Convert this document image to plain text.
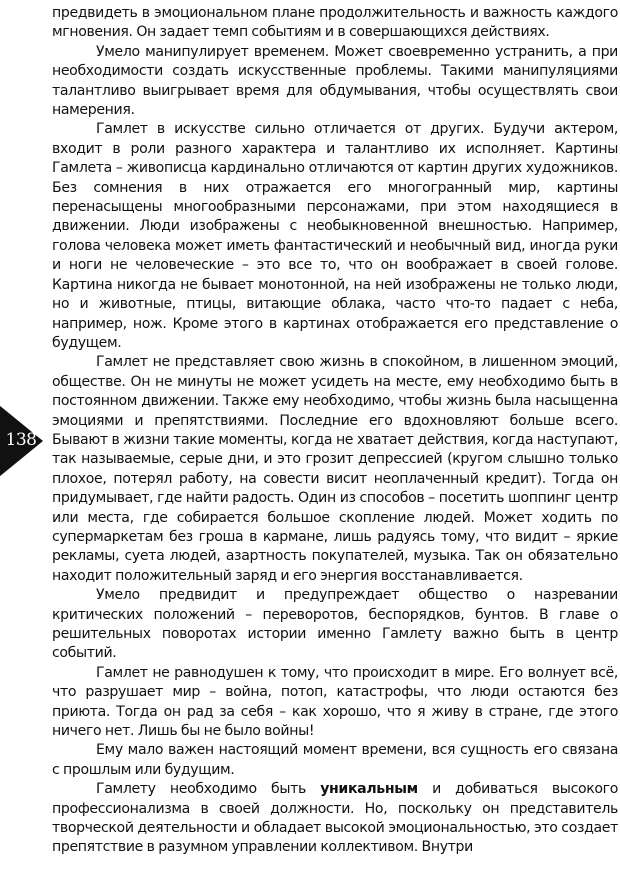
138

предвидеть в эмоциональном плане продолжительность и важность каждого мгновения. Он задает темп событиям и в совершающихся действиях.

Умело манипулирует временем. Может своевременно устранить, а при необходимости создать искусственные проблемы. Такими манипуляциями талантливо выигрывает время для обдумывания, чтобы осуществлять свои намерения.

Гамлет в искусстве сильно отличается от других. Будучи актером, входит в роли разного характера и талантливо их исполняет. Картины Гамлета – живописца кардинально отличаются от картин других художников. Без сомнения в них отражается его многогранный мир, картины перенасыщены многообразными персонажами, при этом находящиеся в движении. Люди изображены с необыкновенной внешностью. Например, голова человека может иметь фантастический и необычный вид, иногда руки и ноги не человеческие – это все то, что он воображает в своей голове. Картина никогда не бывает монотонной, на ней изображены не только люди, но и животные, птицы, витающие облака, часто что-то падает с неба, например, нож. Кроме этого в картинах отображается его представление о будущем.

Гамлет не представляет свою жизнь в спокойном, в лишенном эмоций, обществе. Он не минуты не может усидеть на месте, ему необходимо быть в постоянном движении. Также ему необходимо, чтобы жизнь была насыщенна эмоциями и препятствиями. Последние его вдохновляют больше всего. Бывают в жизни такие моменты, когда не хватает действия, когда наступают, так называемые, серые дни, и это грозит депрессией (кругом слышно только плохое, потерял работу, на совести висит неоплаченный кредит). Тогда он придумывает, где найти радость. Один из способов – посетить шоппинг центр или места, где собирается большое скопление людей. Может ходить по супермаркетам без гроша в кармане, лишь радуясь тому, что видит – яркие рекламы, суета людей, азартность покупателей, музыка. Так он обязательно находит положительный заряд и его энергия восстанавливается.

Умело предвидит и предупреждает общество о назревании критических положений – переворотов, беспорядков, бунтов. В главе о решительных поворотах истории именно Гамлету важно быть в центр событий.

Гамлет не равнодушен к тому, что происходит в мире. Его волнует всё, что разрушает мир – война, потоп, катастрофы, что люди остаются без приюта. Тогда он рад за себя – как хорошо, что я живу в стране, где этого ничего нет. Лишь бы не было войны!

Ему мало важен настоящий момент времени, вся сущность его связана с прошлым или будущим.

Гамлету необходимо быть уникальным и добиваться высокого профессионализма в своей должности. Но, поскольку он представитель творческой деятельности и обладает высокой эмоциональностью, это создает препятствие в разумном управлении коллективом. Внутри
